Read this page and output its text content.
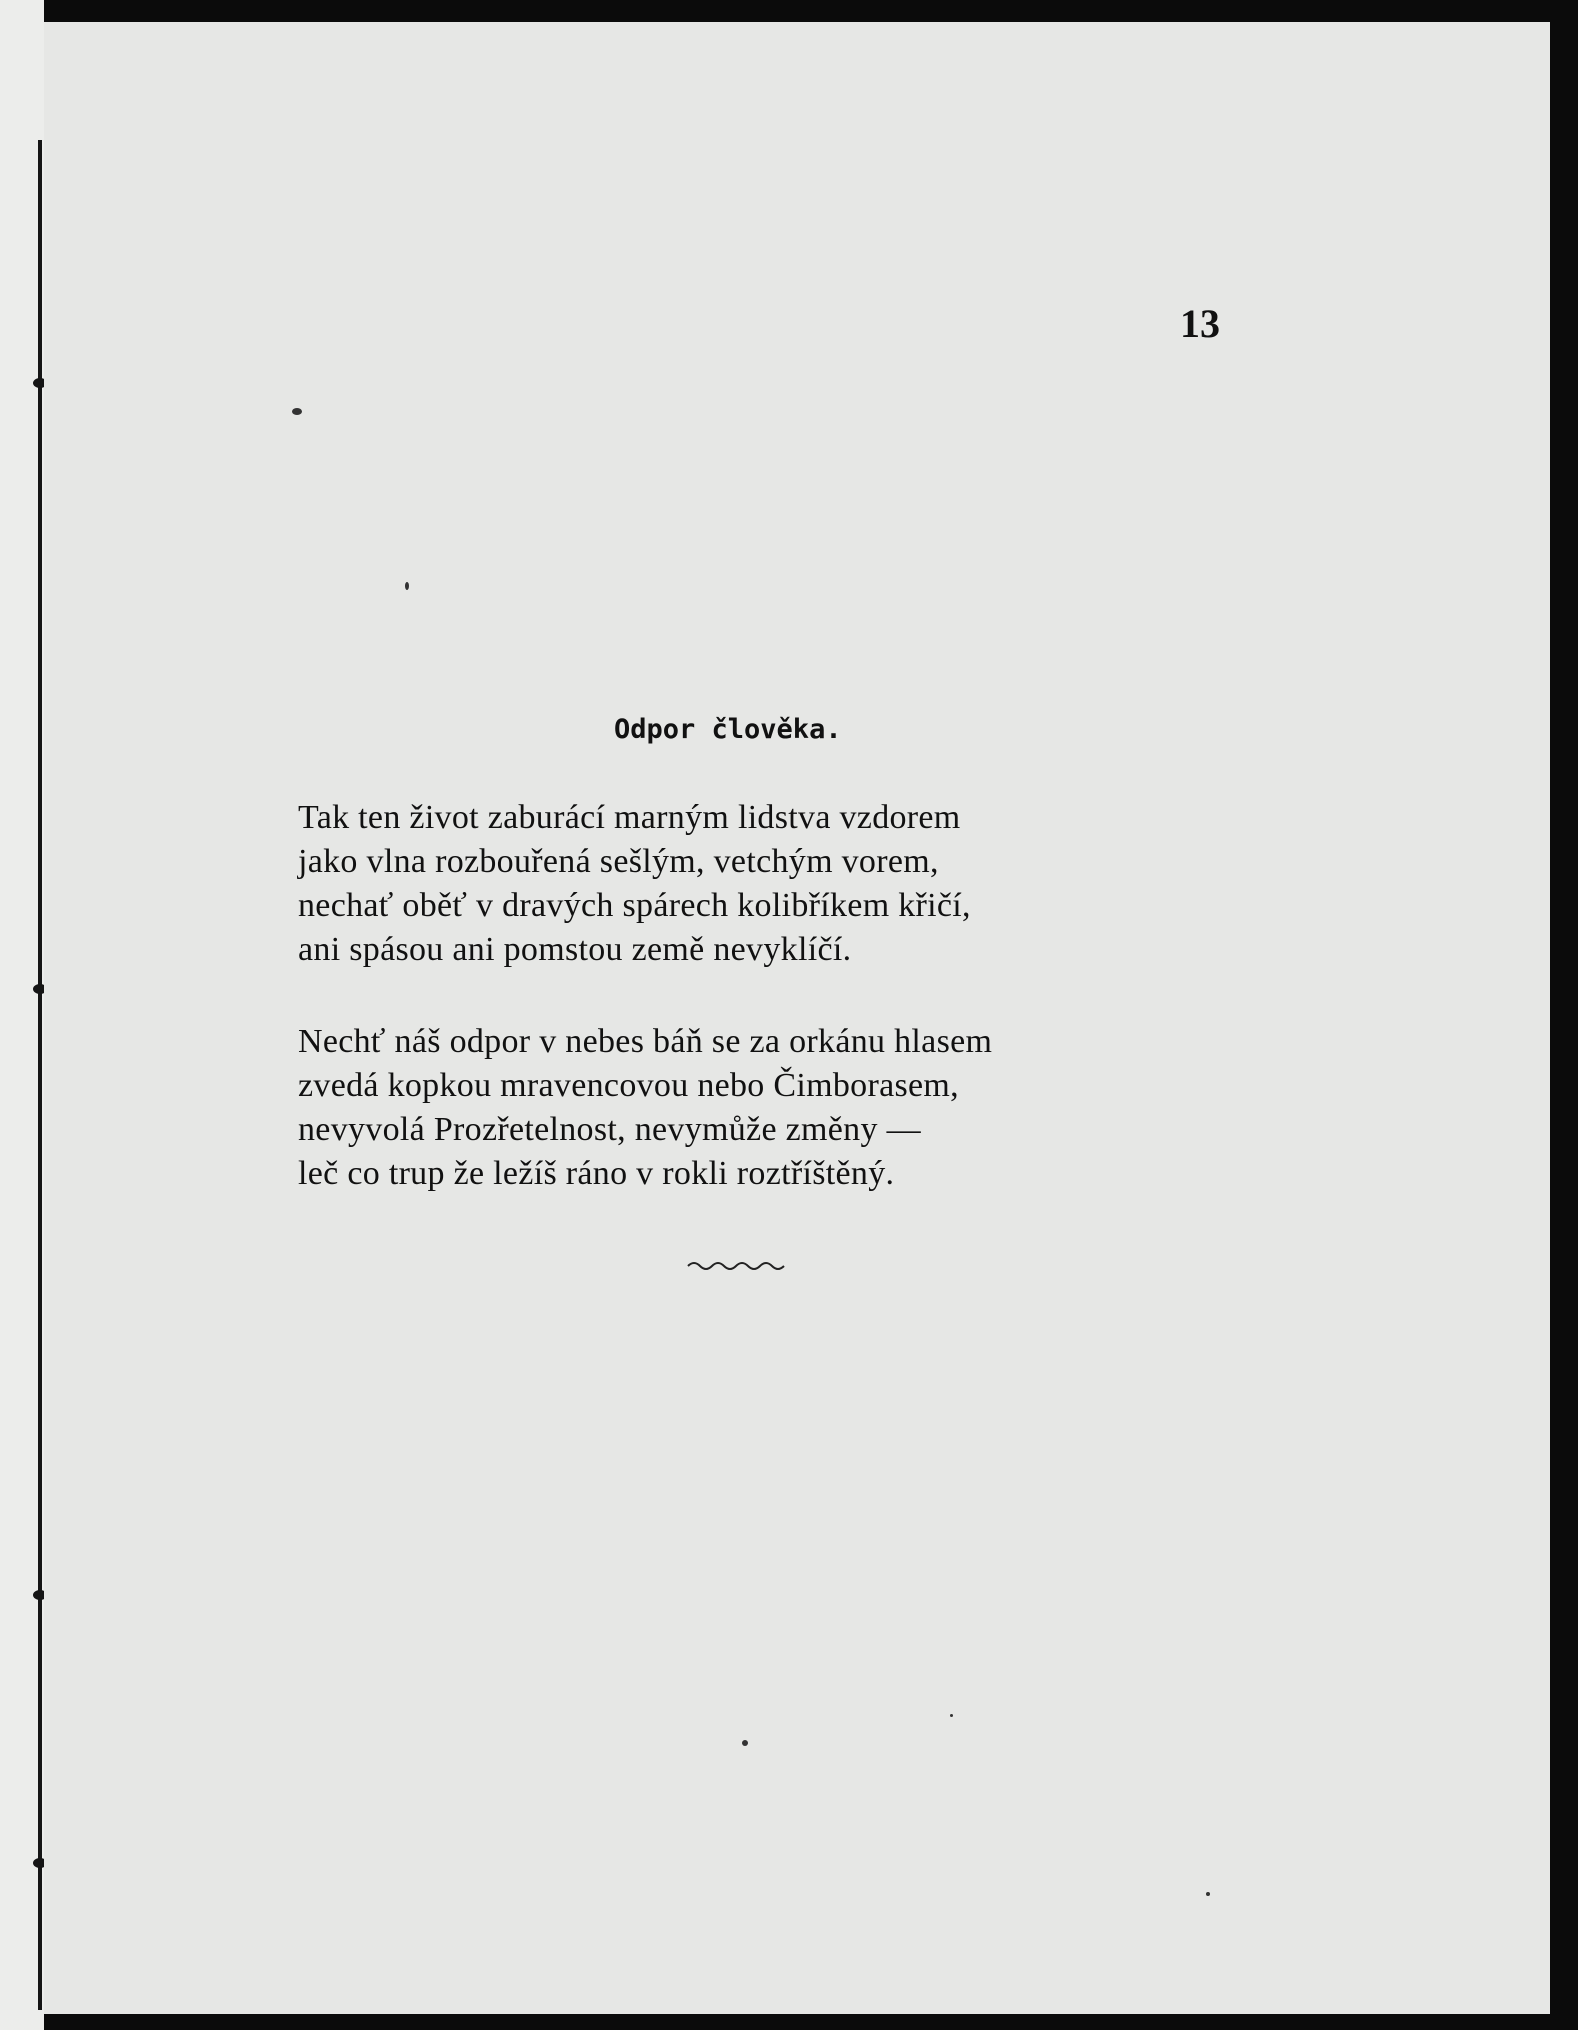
13
Odpor člověka.
Tak ten život zaburácí marným lidstva vzdorem
jako vlna rozbouřená sešlým, vetchým vorem,
nechať oběť v dravých spárech kolibříkem křičí,
ani spásou ani pomstou země nevyklíčí.
Nechť náš odpor v nebes báň se za orkánu hlasem
zvedá kopkou mravencovou nebo Čimborasem,
nevyvolá Prozřetelnost, nevymůže změny —
leč co trup že ležíš ráno v rokli roztříštěný.
